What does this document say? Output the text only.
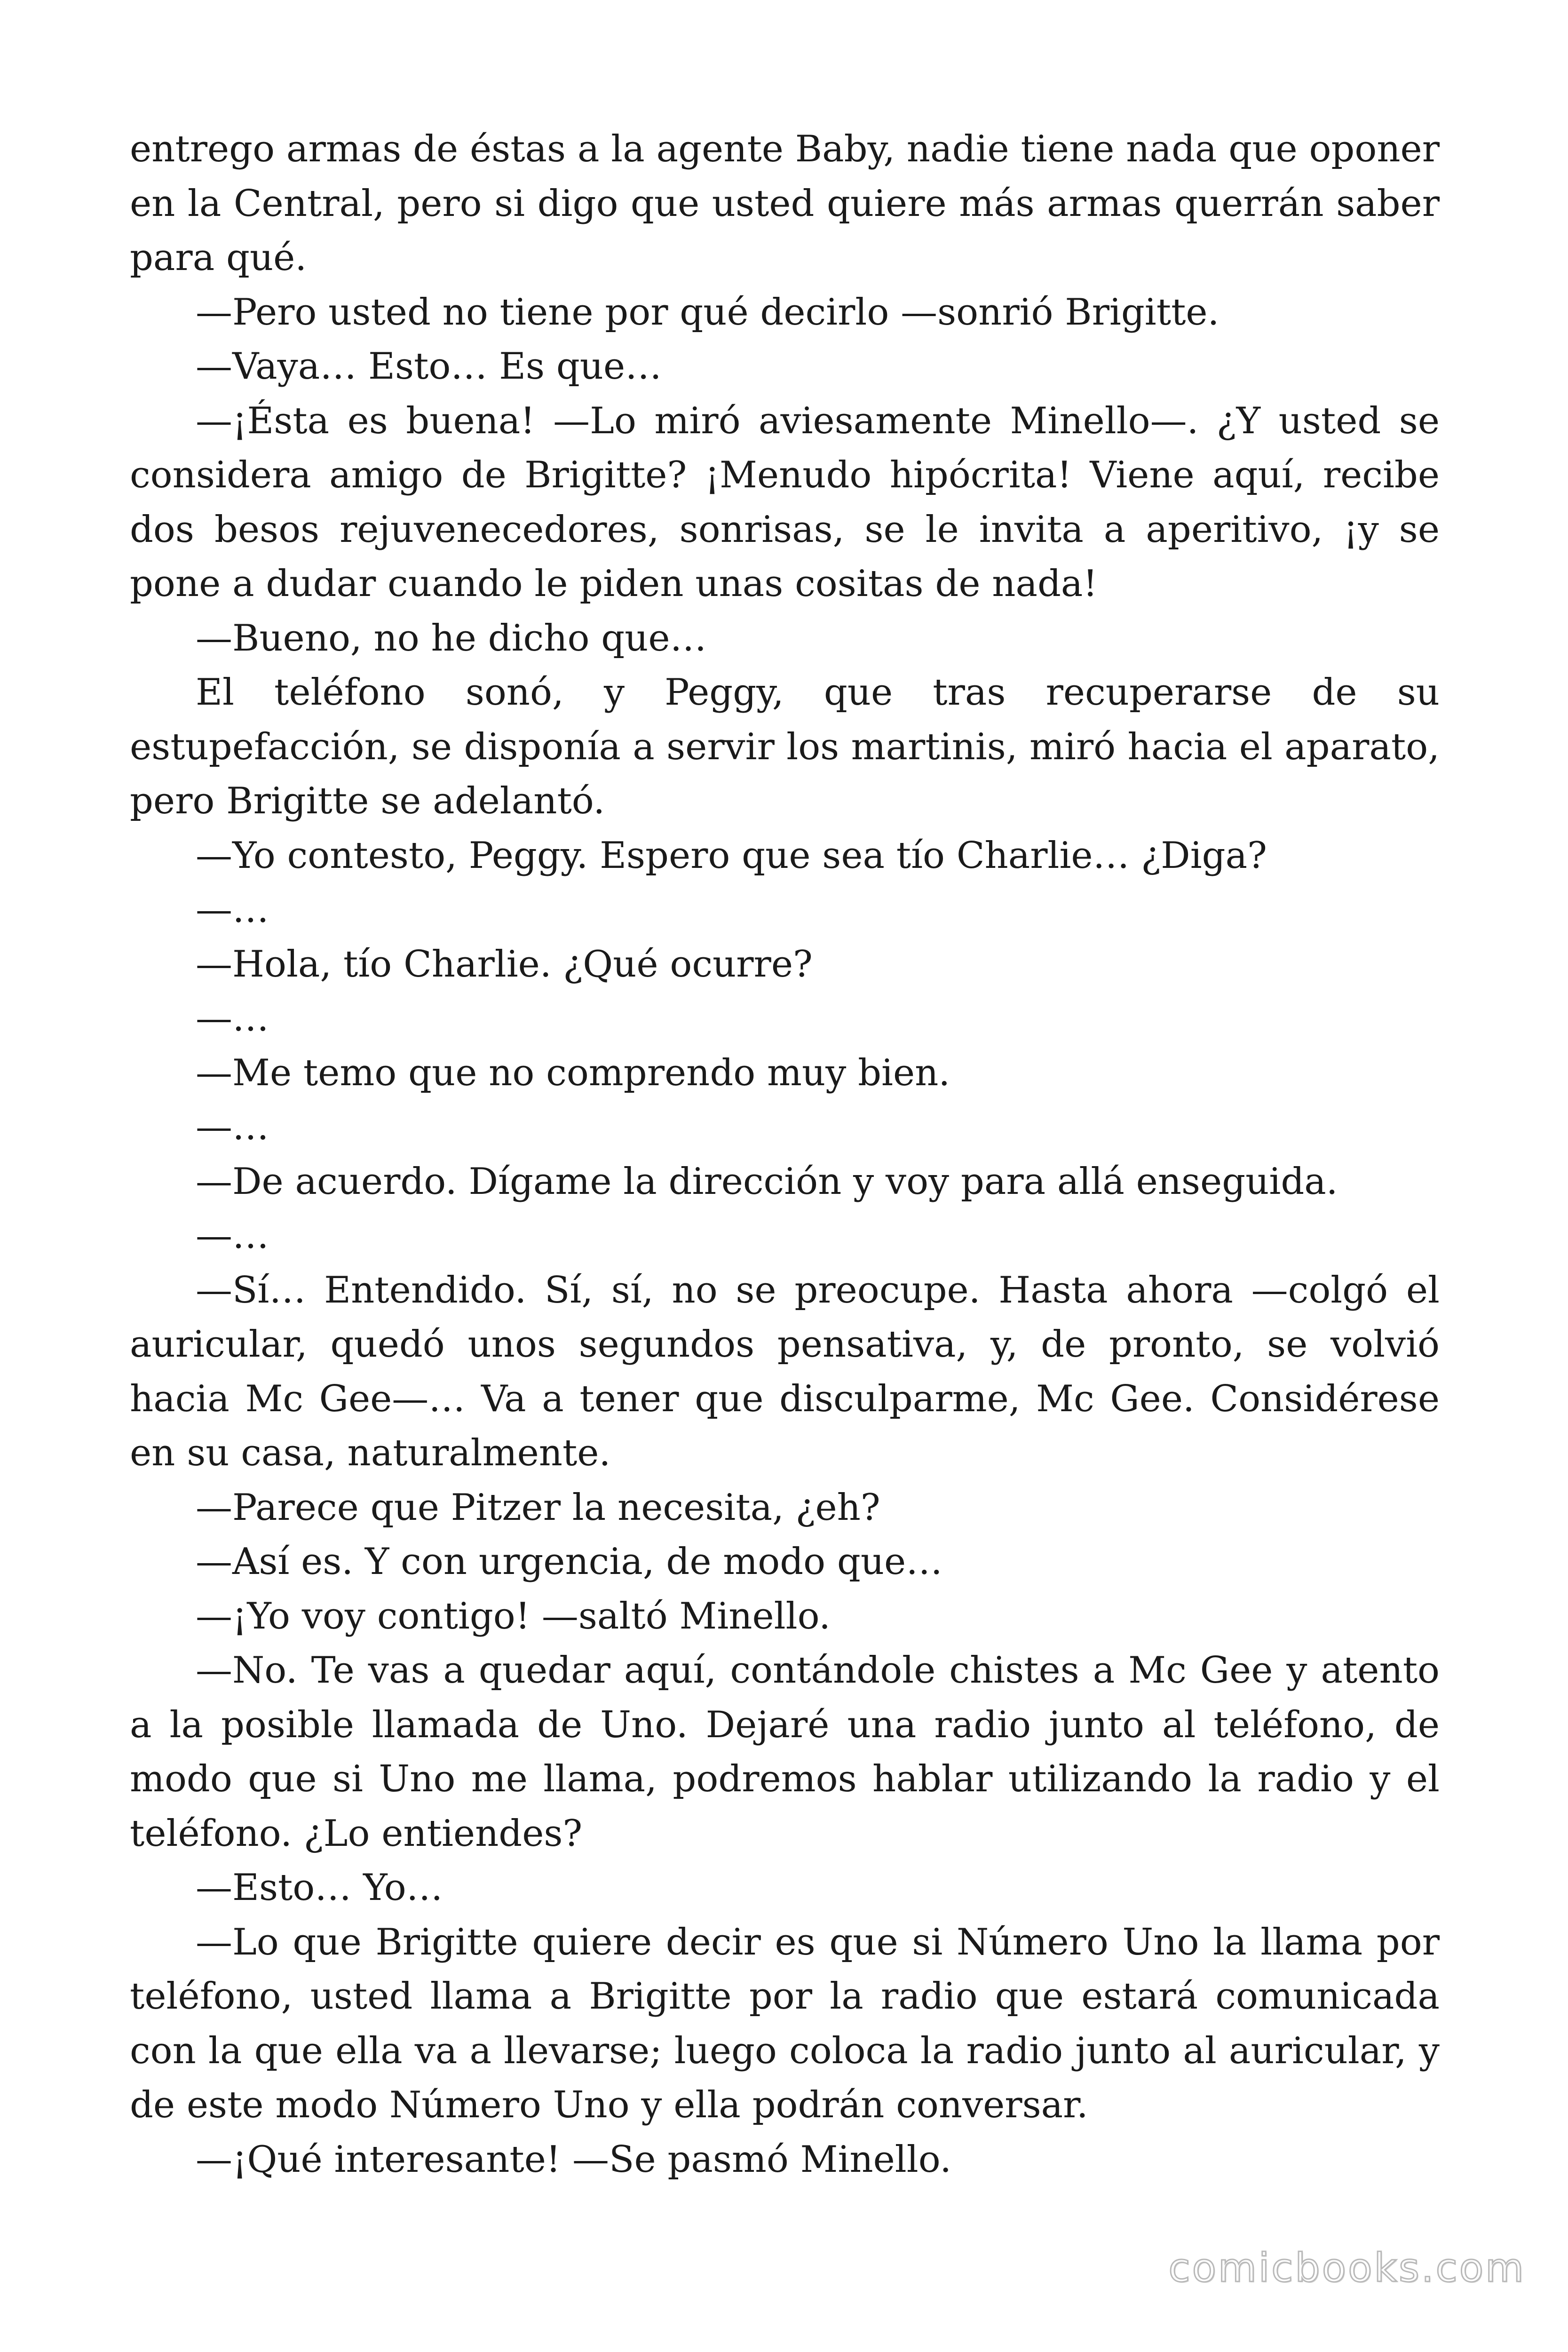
entrego armas de éstas a la agente Baby, nadie tiene nada que oponer en la Central, pero si digo que usted quiere más armas querrán saber para qué.

—Pero usted no tiene por qué decirlo —sonrió Brigitte.

—Vaya… Esto… Es que…

—¡Ésta es buena! —Lo miró aviesamente Minello—. ¿Y usted se considera amigo de Brigitte? ¡Menudo hipócrita! Viene aquí, recibe dos besos rejuvenecedores, sonrisas, se le invita a aperitivo, ¡y se pone a dudar cuando le piden unas cositas de nada!

—Bueno, no he dicho que…

El teléfono sonó, y Peggy, que tras recuperarse de su estupefacción, se disponía a servir los martinis, miró hacia el aparato, pero Brigitte se adelantó.

—Yo contesto, Peggy. Espero que sea tío Charlie… ¿Diga?

—…

—Hola, tío Charlie. ¿Qué ocurre?

—…

—Me temo que no comprendo muy bien.

—…

—De acuerdo. Dígame la dirección y voy para allá enseguida.

—…

—Sí… Entendido. Sí, sí, no se preocupe. Hasta ahora —colgó el auricular, quedó unos segundos pensativa, y, de pronto, se volvió hacia Mc Gee—… Va a tener que disculparme, Mc Gee. Considérese en su casa, naturalmente.

—Parece que Pitzer la necesita, ¿eh?

—Así es. Y con urgencia, de modo que…

—¡Yo voy contigo! —saltó Minello.

—No. Te vas a quedar aquí, contándole chistes a Mc Gee y atento a la posible llamada de Uno. Dejaré una radio junto al teléfono, de modo que si Uno me llama, podremos hablar utilizando la radio y el teléfono. ¿Lo entiendes?

—Esto… Yo…

—Lo que Brigitte quiere decir es que si Número Uno la llama por teléfono, usted llama a Brigitte por la radio que estará comunicada con la que ella va a llevarse; luego coloca la radio junto al auricular, y de este modo Número Uno y ella podrán conversar.

—¡Qué interesante! —Se pasmó Minello.

comicbooks.com
